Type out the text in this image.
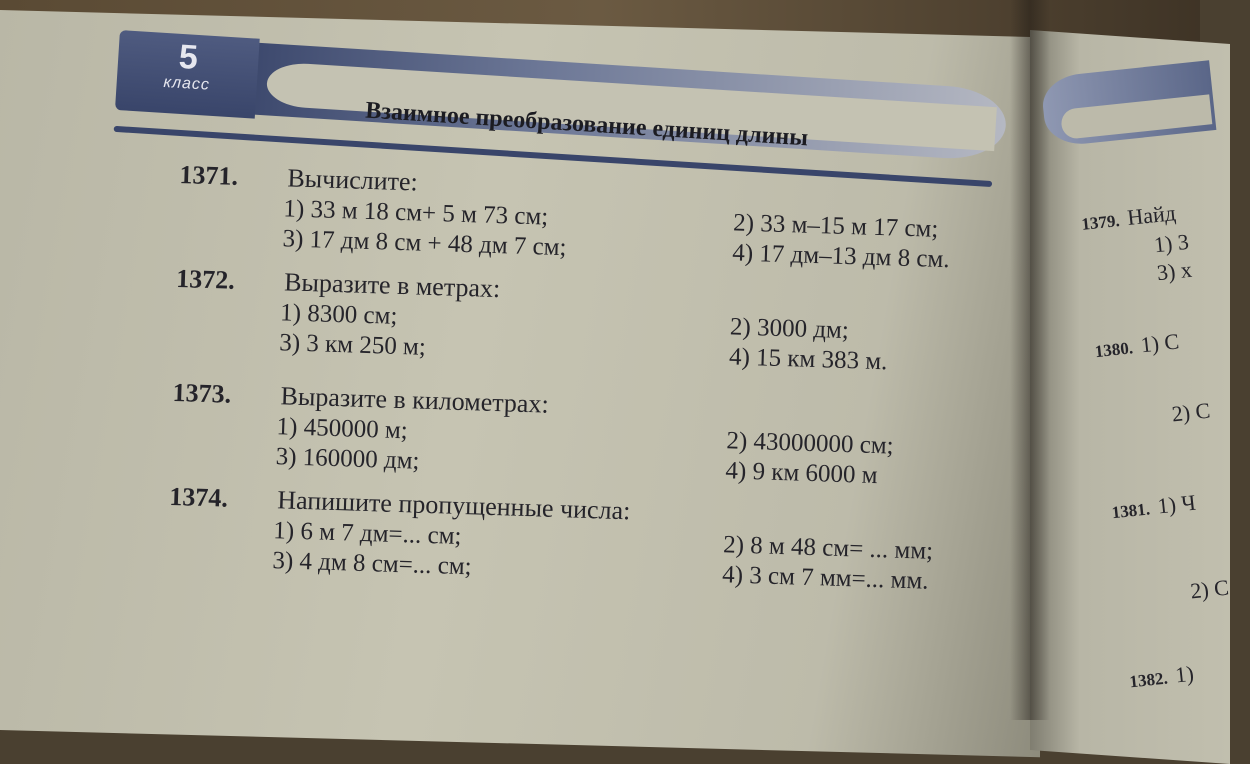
5
класс
Взаимное преобразование единиц длины
1371.	Вычислите:
1) 33 м 18 см+ 5 м 73 см;	2) 33 м–15 м 17 см;
3) 17 дм 8 см + 48 дм 7 см;	4) 17 дм–13 дм 8 см.
1372.	Выразите в метрах:
1) 8300 см;	2) 3000 дм;
3) 3 км 250 м;	4) 15 км 383 м.
1373.	Выразите в километрах:
1) 450000 м;	2) 43000000 см;
3) 160000 дм;	4) 9 км 6000 м
1374.	Напишите пропущенные числа:
1) 6 м 7 дм=... см;	2) 8 м 48 см= ... мм;
3) 4 дм 8 см=... см;	4) 3 см 7 мм=... мм.
1379. Найд
1) 3
3) x
1380. 1) С
2) С
1381. 1) Ч
2) С
1382. 1)
